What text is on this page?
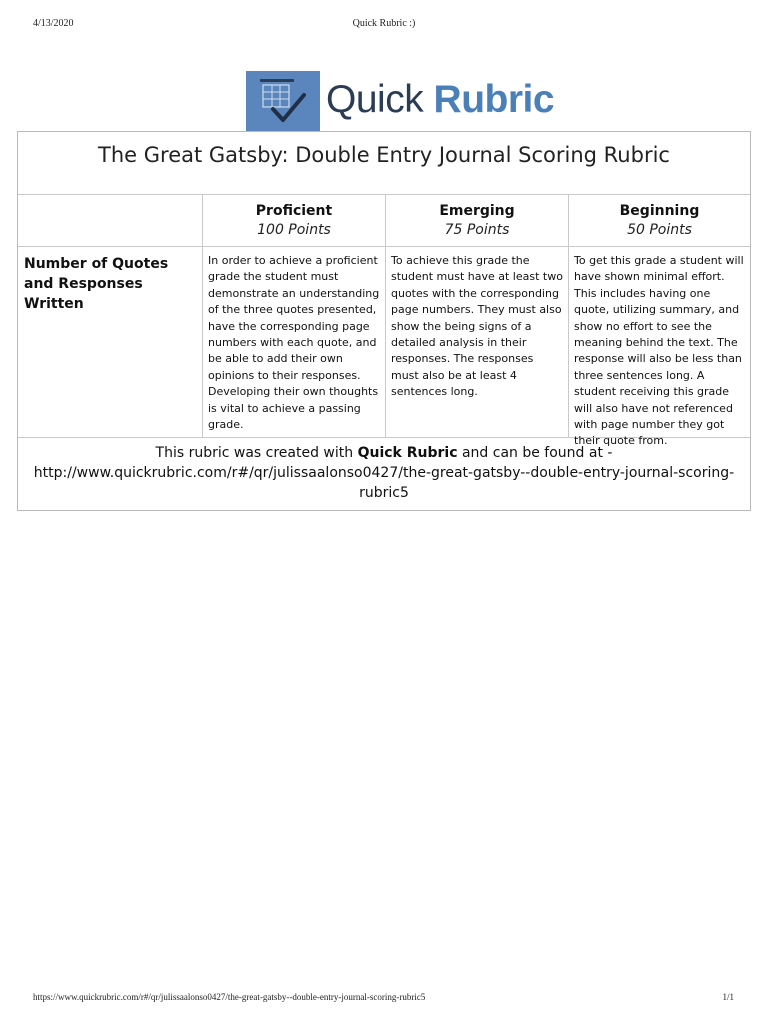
4/13/2020	Quick Rubric :)
Quick Rubric
The Great Gatsby: Double Entry Journal Scoring Rubric
Proficient
100 Points
Emerging
75 Points
Beginning
50 Points
Number of Quotes and Responses Written
In order to achieve a proficient grade the student must demonstrate an understanding of the three quotes presented, have the corresponding page numbers with each quote, and be able to add their own opinions to their responses. Developing their own thoughts is vital to achieve a passing grade.
To achieve this grade the student must have at least two quotes with the corresponding page numbers. They must also show the being signs of a detailed analysis in their responses. The responses must also be at least 4 sentences long.
To get this grade a student will have shown minimal effort. This includes having one quote, utilizing summary, and show no effort to see the meaning behind the text. The response will also be less than three sentences long. A student receiving this grade will also have not referenced with page number they got their quote from.
This rubric was created with Quick Rubric and can be found at -
http://www.quickrubric.com/r#/qr/julissaalonso0427/the-great-gatsby--double-entry-journal-scoring-rubric5
https://www.quickrubric.com/r#/qr/julissaalonso0427/the-great-gatsby--double-entry-journal-scoring-rubric5	1/1
